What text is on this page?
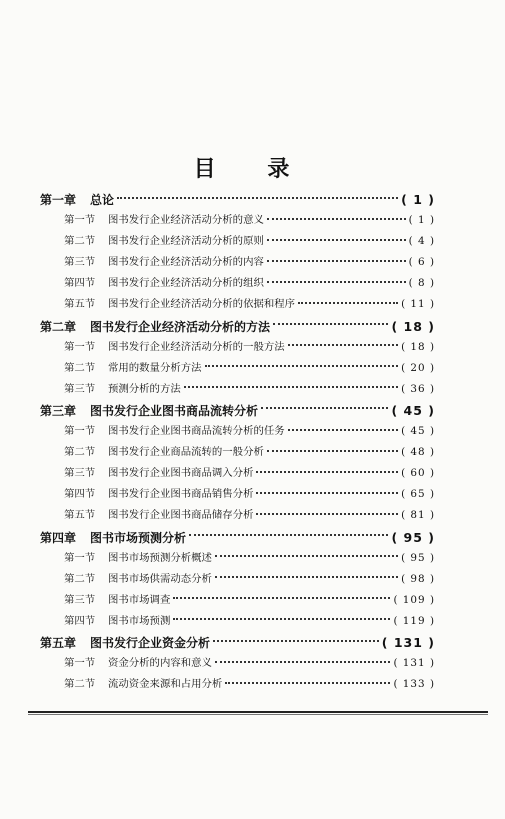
目 录
第一章	总论	( 1 )
第一节	图书发行企业经济活动分析的意义	( 1 )
第二节	图书发行企业经济活动分析的原则	( 4 )
第三节	图书发行企业经济活动分析的内容	( 6 )
第四节	图书发行企业经济活动分析的组织	( 8 )
第五节	图书发行企业经济活动分析的依据和程序	( 11 )
第二章	图书发行企业经济活动分析的方法	( 18 )
第一节	图书发行企业经济活动分析的一般方法	( 18 )
第二节	常用的数量分析方法	( 20 )
第三节	预测分析的方法	( 36 )
第三章	图书发行企业图书商品流转分析	( 45 )
第一节	图书发行企业图书商品流转分析的任务	( 45 )
第二节	图书发行企业商品流转的一般分析	( 48 )
第三节	图书发行企业图书商品调入分析	( 60 )
第四节	图书发行企业图书商品销售分析	( 65 )
第五节	图书发行企业图书商品储存分析	( 81 )
第四章	图书市场预测分析	( 95 )
第一节	图书市场预测分析概述	( 95 )
第二节	图书市场供需动态分析	( 98 )
第三节	图书市场调查	( 109 )
第四节	图书市场预测	( 119 )
第五章	图书发行企业资金分析	( 131 )
第一节	资金分析的内容和意义	( 131 )
第二节	流动资金来源和占用分析	( 133 )
